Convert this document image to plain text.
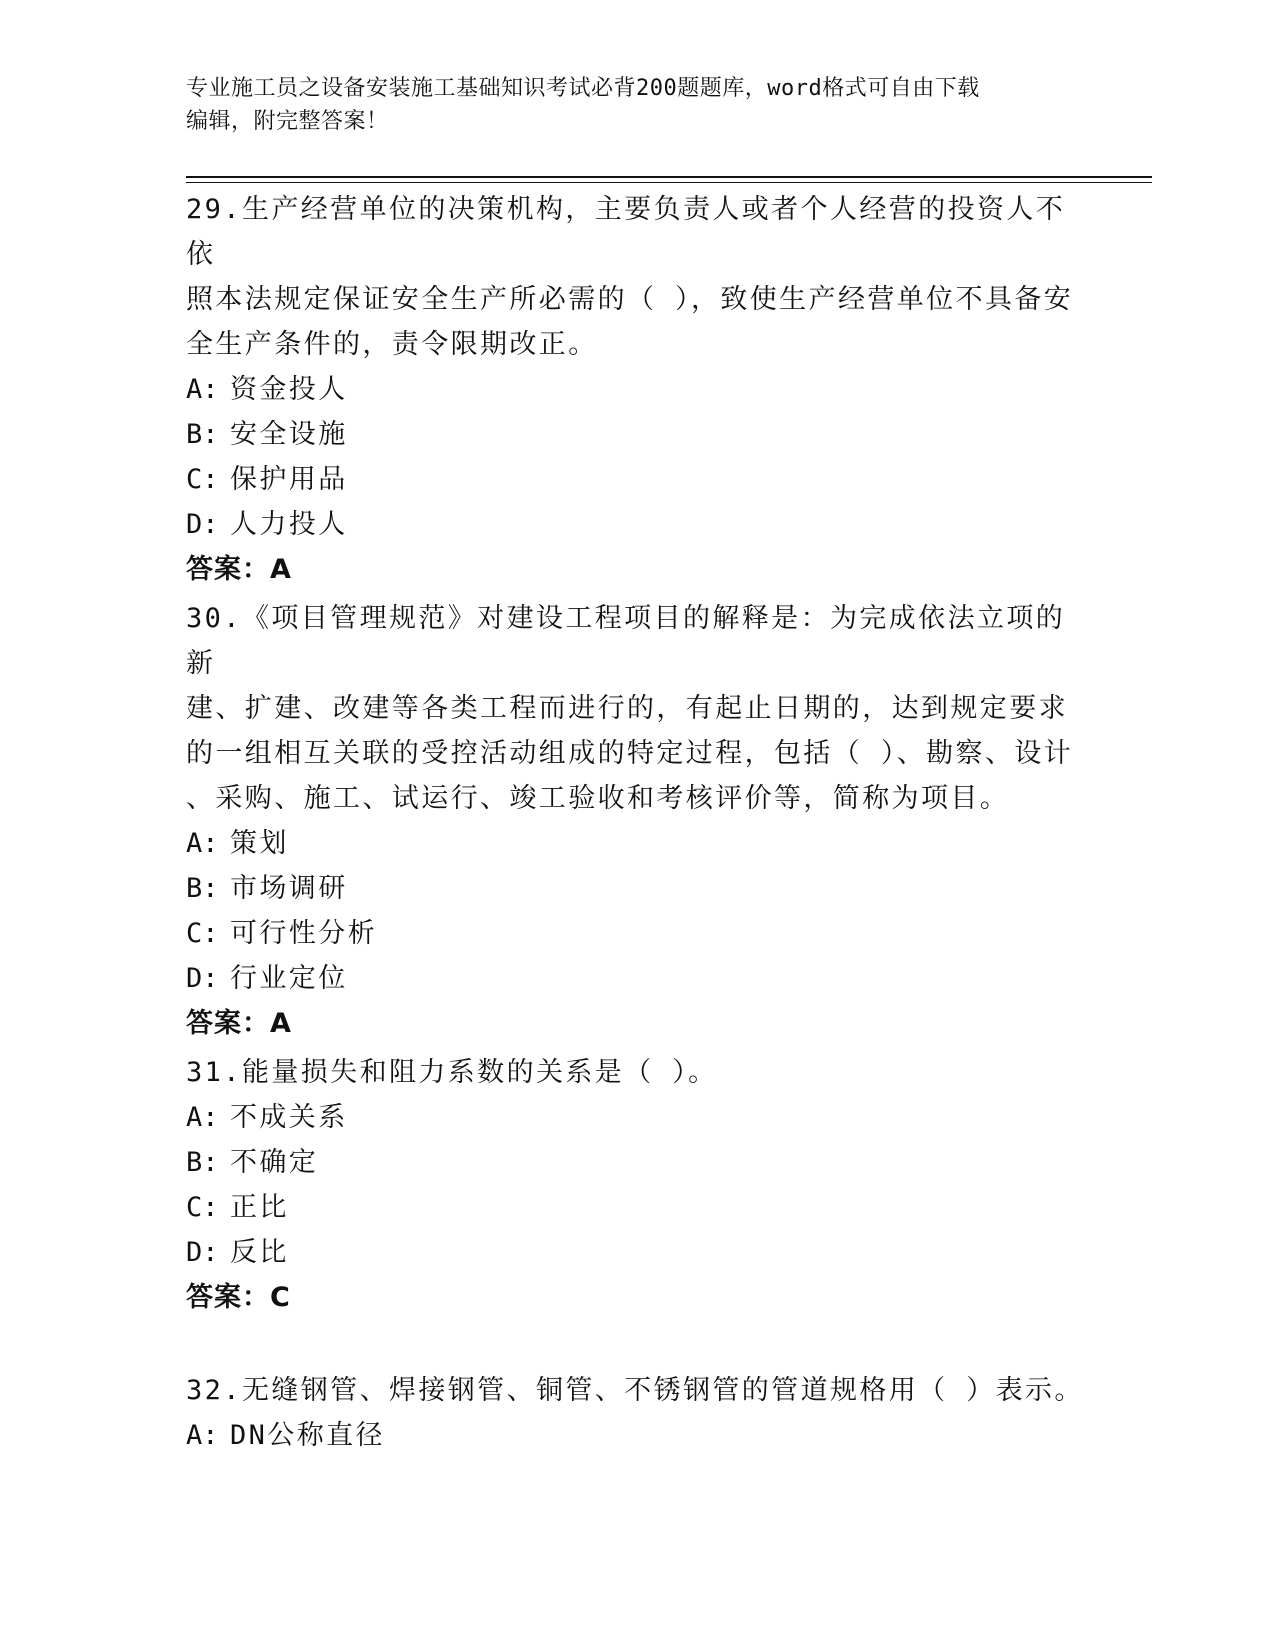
专业施工员之设备安装施工基础知识考试必背200题题库，word格式可自由下载
编辑，附完整答案！
29.生产经营单位的决策机构，主要负责人或者个人经营的投资人不依
照本法规定保证安全生产所必需的（ ），致使生产经营单位不具备安
全生产条件的，责令限期改正。
A: 资金投人
B: 安全设施
C: 保护用品
D: 人力投人
答案：A
30.《项目管理规范》对建设工程项目的解释是：为完成依法立项的新
建、扩建、改建等各类工程而进行的，有起止日期的，达到规定要求
的一组相互关联的受控活动组成的特定过程，包括（ ）、勘察、设计
、采购、施工、试运行、竣工验收和考核评价等，简称为项目。
A: 策划
B: 市场调研
C: 可行性分析
D: 行业定位
答案：A
31.能量损失和阻力系数的关系是（ ）。
A: 不成关系
B: 不确定
C: 正比
D: 反比
答案：C
32.无缝钢管、焊接钢管、铜管、不锈钢管的管道规格用（ ）表示。
A: DN公称直径
